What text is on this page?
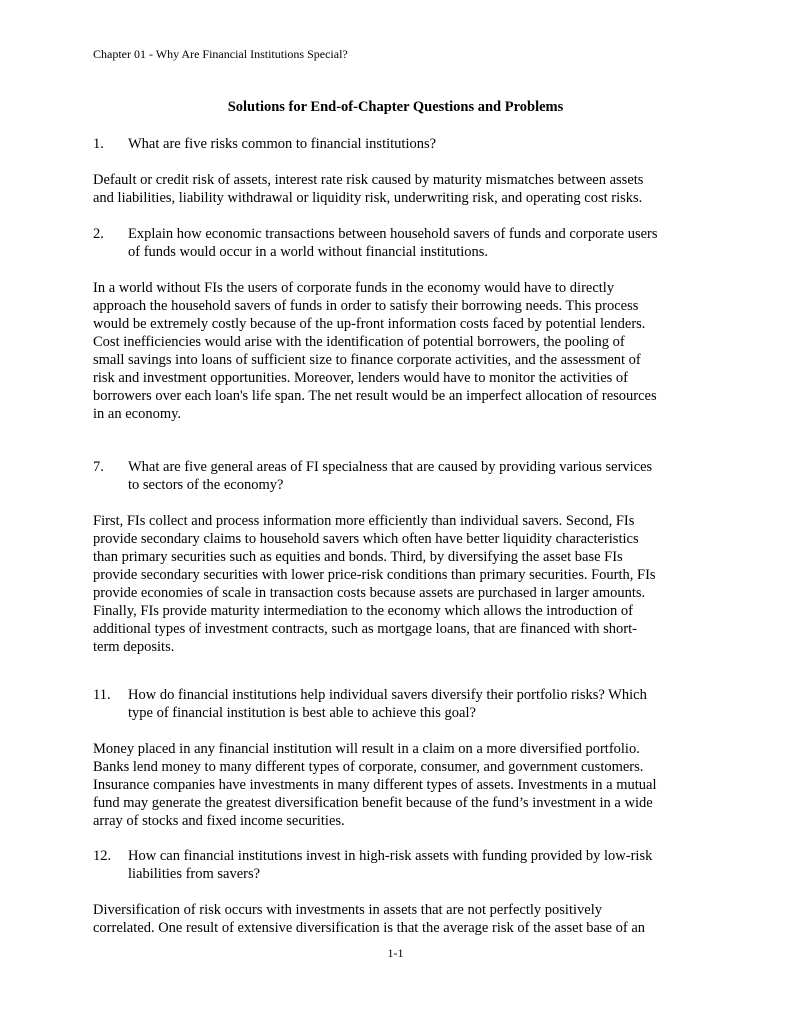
Chapter 01 - Why Are Financial Institutions Special?
Solutions for End-of-Chapter Questions and Problems
1. What are five risks common to financial institutions?
Default or credit risk of assets, interest rate risk caused by maturity mismatches between assets
and liabilities, liability withdrawal or liquidity risk, underwriting risk, and operating cost risks.
2. Explain how economic transactions between household savers of funds and corporate users
of funds would occur in a world without financial institutions.
In a world without FIs the users of corporate funds in the economy would have to directly
approach the household savers of funds in order to satisfy their borrowing needs. This process
would be extremely costly because of the up-front information costs faced by potential lenders.
Cost inefficiencies would arise with the identification of potential borrowers, the pooling of
small savings into loans of sufficient size to finance corporate activities, and the assessment of
risk and investment opportunities. Moreover, lenders would have to monitor the activities of
borrowers over each loan's life span. The net result would be an imperfect allocation of resources
in an economy.
7. What are five general areas of FI specialness that are caused by providing various services
to sectors of the economy?
First, FIs collect and process information more efficiently than individual savers. Second, FIs
provide secondary claims to household savers which often have better liquidity characteristics
than primary securities such as equities and bonds. Third, by diversifying the asset base FIs
provide secondary securities with lower price-risk conditions than primary securities. Fourth, FIs
provide economies of scale in transaction costs because assets are purchased in larger amounts.
Finally, FIs provide maturity intermediation to the economy which allows the introduction of
additional types of investment contracts, such as mortgage loans, that are financed with short-
term deposits.
11. How do financial institutions help individual savers diversify their portfolio risks? Which
type of financial institution is best able to achieve this goal?
Money placed in any financial institution will result in a claim on a more diversified portfolio.
Banks lend money to many different types of corporate, consumer, and government customers.
Insurance companies have investments in many different types of assets. Investments in a mutual
fund may generate the greatest diversification benefit because of the fund’s investment in a wide
array of stocks and fixed income securities.
12. How can financial institutions invest in high-risk assets with funding provided by low-risk
liabilities from savers?
Diversification of risk occurs with investments in assets that are not perfectly positively
correlated. One result of extensive diversification is that the average risk of the asset base of an
1-1
